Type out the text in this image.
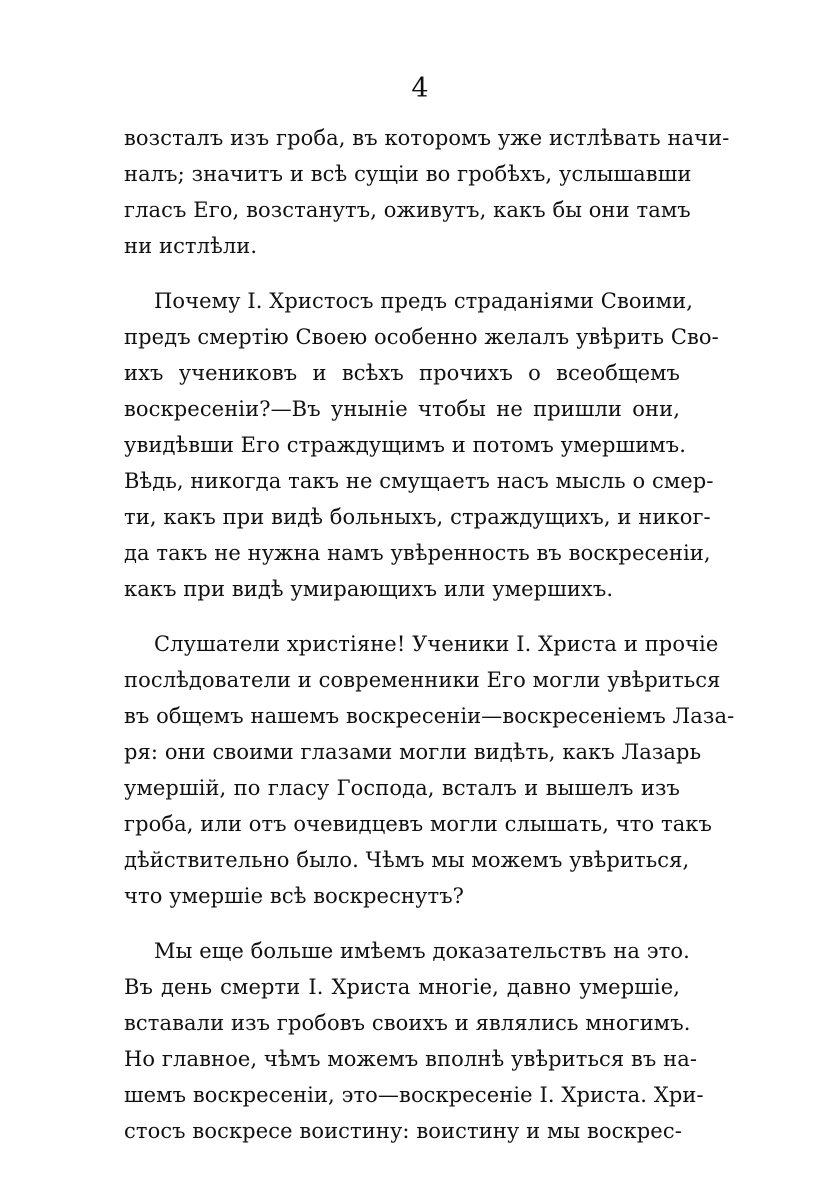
4
возсталъ изъ гроба, въ которомъ уже истлѣвать начи-
налъ; значитъ и всѣ сущіи во гробѣхъ, услышавши
гласъ Его, возстанутъ, оживутъ, какъ бы они тамъ
ни истлѣли.
Почему І. Христосъ предъ страданіями Своими,
предъ смертію Своею особенно желалъ увѣрить Сво-
ихъ учениковъ и всѣхъ прочихъ о всеобщемъ
воскресеніи?—Въ уныніе чтобы не пришли они,
увидѣвши Его страждущимъ и потомъ умершимъ.
Вѣдь, никогда такъ не смущаетъ насъ мысль о смер-
ти, какъ при видѣ больныхъ, страждущихъ, и никог-
да такъ не нужна намъ увѣренность въ воскресеніи,
какъ при видѣ умирающихъ или умершихъ.
Слушатели христіяне! Ученики І. Христа и прочіе
послѣдователи и современники Его могли увѣриться
въ общемъ нашемъ воскресеніи—воскресеніемъ Лаза-
ря: они своими глазами могли видѣть, какъ Лазарь
умершій, по гласу Господа, всталъ и вышелъ изъ
гроба, или отъ очевидцевъ могли слышать, что такъ
дѣйствительно было. Чѣмъ мы можемъ увѣриться,
что умершіе всѣ воскреснутъ?
Мы еще больше имѣемъ доказательствъ на это.
Въ день смерти І. Христа многіе, давно умершіе,
вставали изъ гробовъ своихъ и являлись многимъ.
Но главное, чѣмъ можемъ вполнѣ увѣриться въ на-
шемъ воскресеніи, это—воскресеніе І. Христа. Хри-
стосъ воскресе воистину: воистину и мы воскрес-
